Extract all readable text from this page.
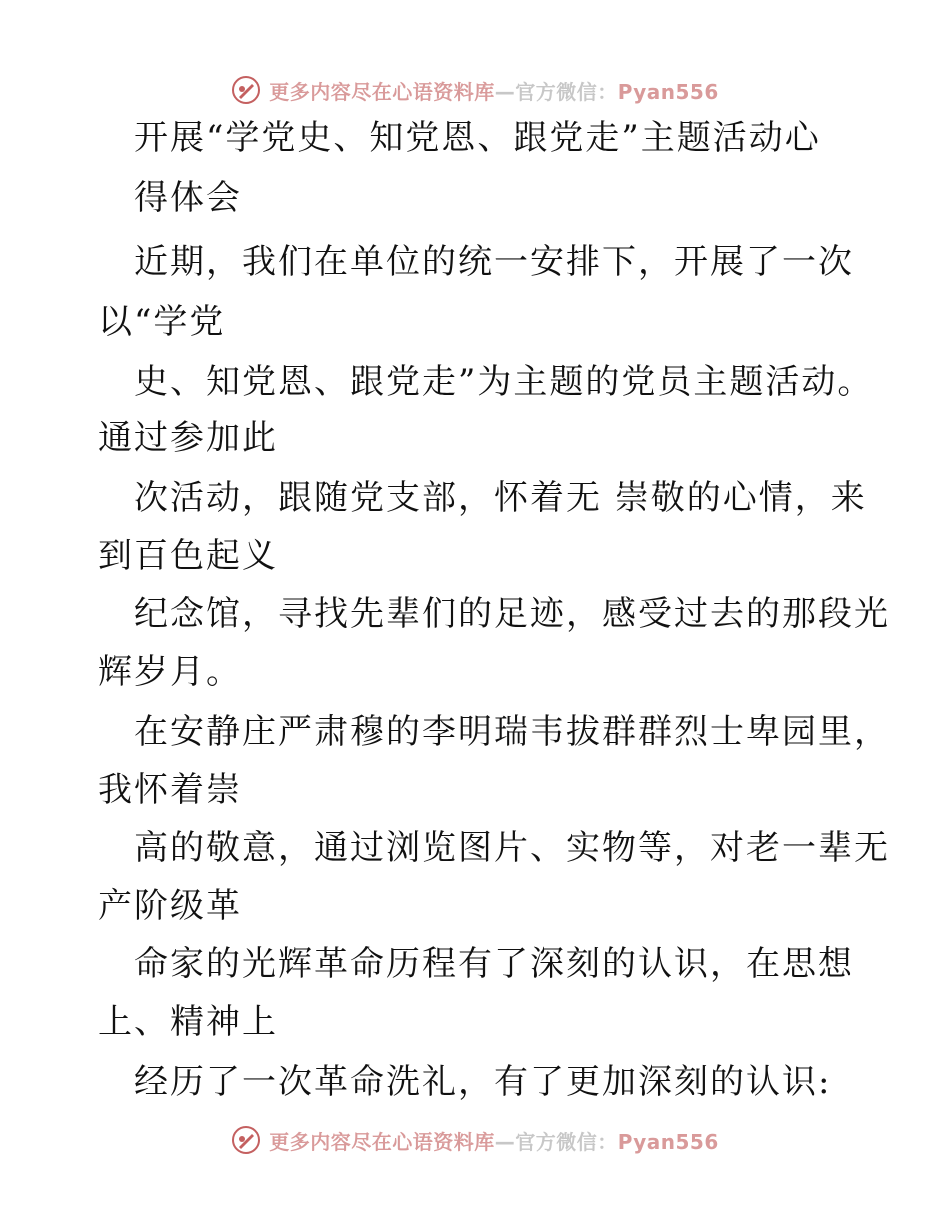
更多内容尽在心语资料库—官方微信：Pyan556
开展“学党史、知党恩、跟党走”主题活动心
得体会
近期，我们在单位的统一安排下，开展了一次
以“学党
史、知党恩、跟党走”为主题的党员主题活动。
通过参加此
次活动，跟随党支部，怀着无 崇敬的心情，来
到百色起义
纪念馆，寻找先辈们的足迹，感受过去的那段光
辉岁月。
在安静庄严肃穆的李明瑞韦拔群群烈士卑园里，
我怀着崇
高的敬意，通过浏览图片、实物等，对老一辈无
产阶级革
命家的光辉革命历程有了深刻的认识，在思想
上、精神上
经历了一次革命洗礼，有了更加深刻的认识:
更多内容尽在心语资料库—官方微信：Pyan556
